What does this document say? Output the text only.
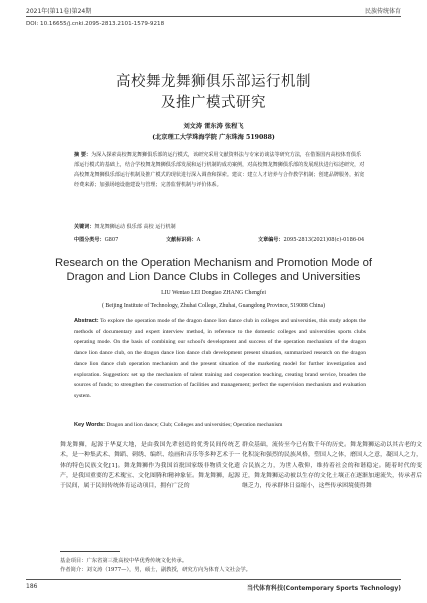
2021年(第11卷)第24期	民族传统体育
DOI: 10.16655/j.cnki.2095-2813.2101-1579-9218
高校舞龙舞狮俱乐部运行机制
及推广模式研究
刘文涛 雷东涛 张程飞
(北京理工大学珠海学院 广东珠海 519088)
摘 要：为深入探索高校舞龙舞狮俱乐部的运行模式，该研究采用文献资料法与专家访谈法等研究方法，在借鉴国内高校体育俱乐部运行模式的基础上，结合学校舞龙舞狮俱乐部发展和运行机制的成功案例，对高校舞龙舞狮俱乐部的发展现状进行综述研究，对高校舞龙舞狮俱乐部运行机制及推广模式的现状进行深入调查和探索。建议：建立人才培养与合作教学机制；创建品牌服务，拓宽经费来源；加强场地设施建设与管理；完善监督机制与评价体系。
关键词：舞龙舞狮运动 俱乐部 高校 运行机制
中图分类号：G807	文献标识码：A	文章编号：2095-2813(2021)08(c)-0186-04
Research on the Operation Mechanism and Promotion Mode of
Dragon and Lion Dance Clubs in Colleges and Universities
LIU Wentao LEI Dongtao ZHANG Chengfei
( Beijing Institute of Technology, Zhuhai College, Zhuhai, Guangdong Province, 519088 China)
Abstract: To explore the operation mode of the dragon dance lion dance club in colleges and universities, this study adopts the methods of documentary and expert interview method, in reference to the domestic colleges and universities sports clubs operating mode. On the basis of combining our school's development and success of the operation mechanism of the dragon dance lion dance club, on the dragon dance lion dance club development present situation, summarized research on the dragon dance lion dance club operation mechanism and the present situation of the marketing model for further investigation and exploration. Suggestion: set up the mechanism of talent training and cooperation teaching, creating brand service, broaden the sources of funds; to strengthen the construction of facilities and management; perfect the supervision mechanism and evaluation system.
Key Words: Dragon and lion dance; Club; Colleges and universities; Operation mechanism
舞龙舞狮，起源于华夏大地，是由我国先辈创造的优秀民间传统艺术，是一种集武术、舞蹈、刺绣、编织、绘画和音乐等多种艺术于一体的特色民族文化[1]。舞龙舞狮作为我国首批国家级非物质文化遗产，是我国重要的艺术瑰宝、文化图腾和精神象征。舞龙舞狮，起源于民间，属于民间传统体育运动项目，拥有广泛的
群众基础，流传至今已有数千年的历史。舞龙舞狮运动以其古老的文化积淀和强烈的民族风格，塑国人之体，磨国人之意，凝国人之力，合民族之力，为世人敬仰，维持着社会的和谐稳定。随着时代的变迁，舞龙舞狮运动被以生存的文化土壤正在逐渐加速流失，传承者后继乏力，传承群体日益缩小，这些传承困境使得舞
基金项目：广东省第三批高校中华优秀传统文化传承。
作者简介：刘文涛（1977—），男，硕士，副教授，研究方向为体育人文社会学。
186	当代体育科技(Contemporary Sports Technology)
